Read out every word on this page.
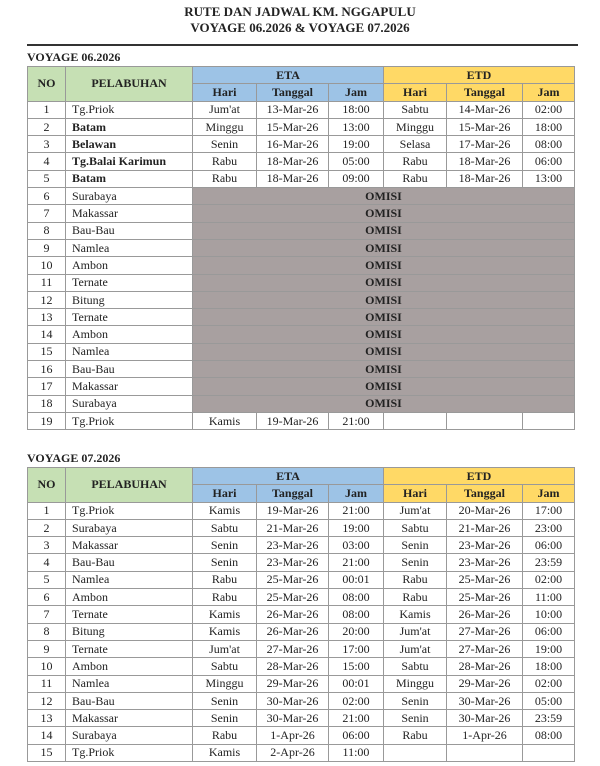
RUTE DAN JADWAL KM. NGGAPULU
VOYAGE 06.2026 & VOYAGE 07.2026
VOYAGE 06.2026
NO	PELABUHAN	ETA			ETD		
		Hari	Tanggal	Jam	Hari	Tanggal	Jam
1	Tg.Priok	Jum'at	13-Mar-26	18:00	Sabtu	14-Mar-26	02:00
2	Batam	Minggu	15-Mar-26	13:00	Minggu	15-Mar-26	18:00
3	Belawan	Senin	16-Mar-26	19:00	Selasa	17-Mar-26	08:00
4	Tg.Balai Karimun	Rabu	18-Mar-26	05:00	Rabu	18-Mar-26	06:00
5	Batam	Rabu	18-Mar-26	09:00	Rabu	18-Mar-26	13:00
6	Surabaya	OMISI					
7	Makassar	OMISI					
8	Bau-Bau	OMISI					
9	Namlea	OMISI					
10	Ambon	OMISI					
11	Ternate	OMISI					
12	Bitung	OMISI					
13	Ternate	OMISI					
14	Ambon	OMISI					
15	Namlea	OMISI					
16	Bau-Bau	OMISI					
17	Makassar	OMISI					
18	Surabaya	OMISI					
19	Tg.Priok	Kamis	19-Mar-26	21:00			
VOYAGE 07.2026
NO	PELABUHAN	ETA			ETD		
		Hari	Tanggal	Jam	Hari	Tanggal	Jam
1	Tg.Priok	Kamis	19-Mar-26	21:00	Jum'at	20-Mar-26	17:00
2	Surabaya	Sabtu	21-Mar-26	19:00	Sabtu	21-Mar-26	23:00
3	Makassar	Senin	23-Mar-26	03:00	Senin	23-Mar-26	06:00
4	Bau-Bau	Senin	23-Mar-26	21:00	Senin	23-Mar-26	23:59
5	Namlea	Rabu	25-Mar-26	00:01	Rabu	25-Mar-26	02:00
6	Ambon	Rabu	25-Mar-26	08:00	Rabu	25-Mar-26	11:00
7	Ternate	Kamis	26-Mar-26	08:00	Kamis	26-Mar-26	10:00
8	Bitung	Kamis	26-Mar-26	20:00	Jum'at	27-Mar-26	06:00
9	Ternate	Jum'at	27-Mar-26	17:00	Jum'at	27-Mar-26	19:00
10	Ambon	Sabtu	28-Mar-26	15:00	Sabtu	28-Mar-26	18:00
11	Namlea	Minggu	29-Mar-26	00:01	Minggu	29-Mar-26	02:00
12	Bau-Bau	Senin	30-Mar-26	02:00	Senin	30-Mar-26	05:00
13	Makassar	Senin	30-Mar-26	21:00	Senin	30-Mar-26	23:59
14	Surabaya	Rabu	1-Apr-26	06:00	Rabu	1-Apr-26	08:00
15	Tg.Priok	Kamis	2-Apr-26	11:00			
